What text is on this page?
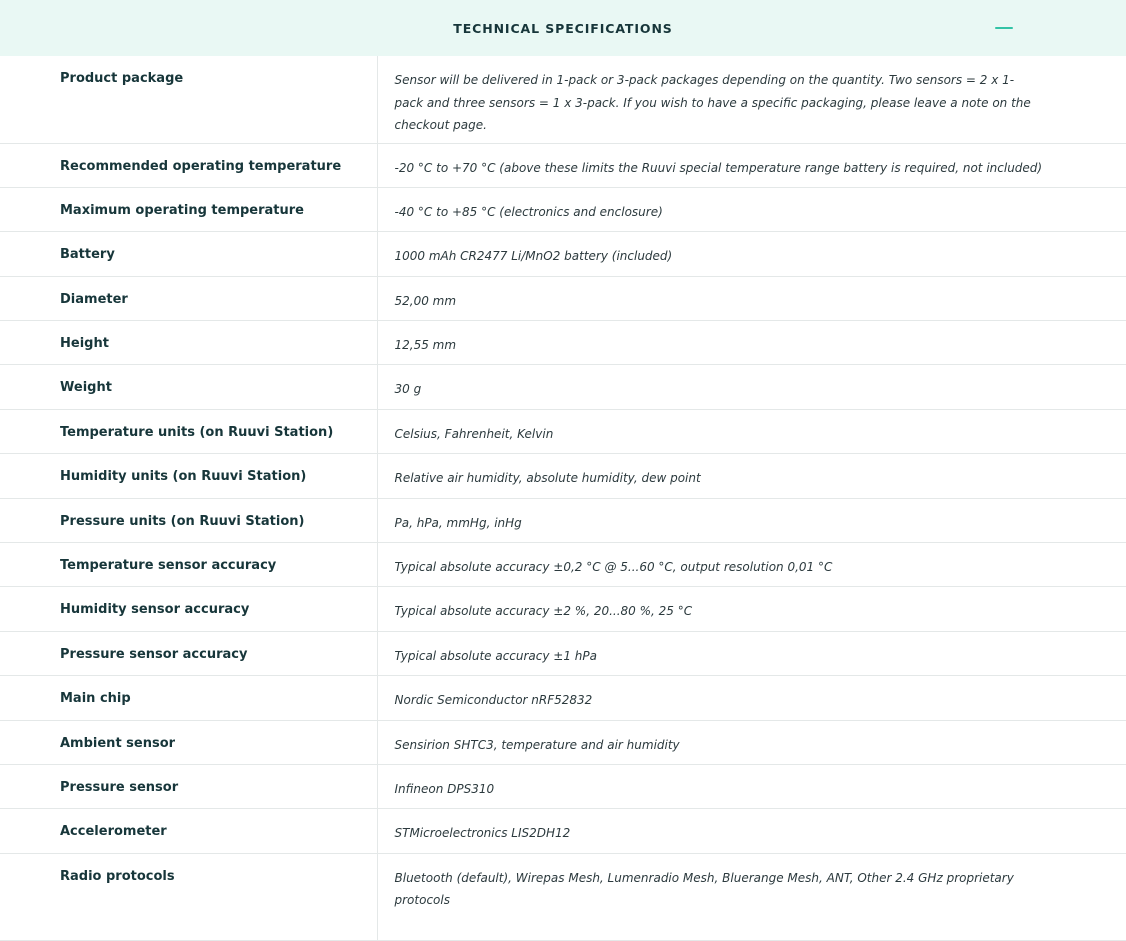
TECHNICAL SPECIFICATIONS
Product package	Sensor will be delivered in 1-pack or 3-pack packages depending on the quantity. Two sensors = 2 x 1-pack and three sensors = 1 x 3-pack. If you wish to have a specific packaging, please leave a note on the checkout page.
Recommended operating temperature	-20 °C to +70 °C (above these limits the Ruuvi special temperature range battery is required, not included)
Maximum operating temperature	-40 °C to +85 °C (electronics and enclosure)
Battery	1000 mAh CR2477 Li/MnO2 battery (included)
Diameter	52,00 mm
Height	12,55 mm
Weight	30 g
Temperature units (on Ruuvi Station)	Celsius, Fahrenheit, Kelvin
Humidity units (on Ruuvi Station)	Relative air humidity, absolute humidity, dew point
Pressure units (on Ruuvi Station)	Pa, hPa, mmHg, inHg
Temperature sensor accuracy	Typical absolute accuracy ±0,2 °C @ 5...60 °C, output resolution 0,01 °C
Humidity sensor accuracy	Typical absolute accuracy ±2 %, 20...80 %, 25 °C
Pressure sensor accuracy	Typical absolute accuracy ±1 hPa
Main chip	Nordic Semiconductor nRF52832
Ambient sensor	Sensirion SHTC3, temperature and air humidity
Pressure sensor	Infineon DPS310
Accelerometer	STMicroelectronics LIS2DH12
Radio protocols	Bluetooth (default), Wirepas Mesh, Lumenradio Mesh, Bluerange Mesh, ANT, Other 2.4 GHz proprietary protocols
